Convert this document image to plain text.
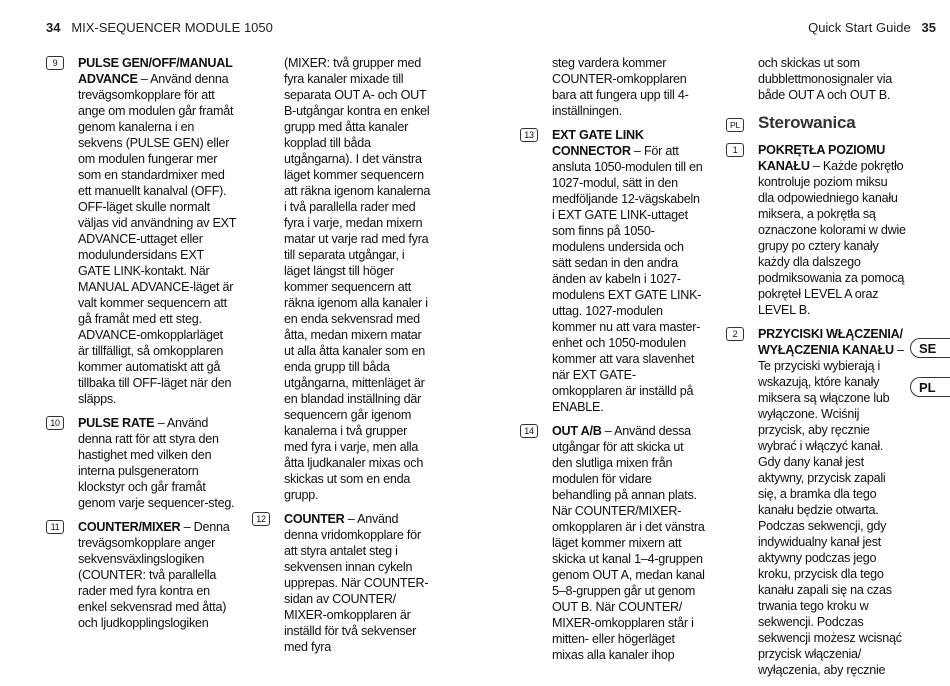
34 MIX-SEQUENCER MODULE 1050	Quick Start Guide 35
9	PULSE GEN/OFF/MANUAL ADVANCE – Använd denna trevägsomkopplare för att ange om modulen går framåt genom kanalerna i en sekvens (PULSE GEN) eller om modulen fungerar mer som en standardmixer med ett manuellt kanalval (OFF). OFF-läget skulle normalt väljas vid användning av EXT ADVANCE-uttaget eller modulundersidans EXT GATE LINK-kontakt. När MANUAL ADVANCE-läget är valt kommer sequencern att gå framåt med ett steg. ADVANCE-omkopplarläget är tillfälligt, så omkopplaren kommer automatiskt att gå tillbaka till OFF-läget när den släpps.
10	PULSE RATE – Använd denna ratt för att styra den hastighet med vilken den interna pulsgeneratorn klockstyr och går framåt genom varje sequencer-steg.
11	COUNTER/MIXER – Denna trevägsomkopplare anger sekvensväxlingslogiken (COUNTER: två parallella rader med fyra kontra en enkel sekvensrad med åtta) och ljudkopplingslogiken
(MIXER: två grupper med fyra kanaler mixade till separata OUT A- och OUT B-utgångar kontra en enkel grupp med åtta kanaler kopplad till båda utgångarna). I det vänstra läget kommer sequencern att räkna igenom kanalerna i två parallella rader med fyra i varje, medan mixern matar ut varje rad med fyra till separata utgångar, i läget längst till höger kommer sequencern att räkna igenom alla kanaler i en enda sekvensrad med åtta, medan mixern matar ut alla åtta kanaler som en enda grupp till båda utgångarna, mittenläget är en blandad inställning där sequencern går igenom kanalerna i två grupper med fyra i varje, men alla åtta ljudkanaler mixas och skickas ut som en enda grupp.
12	COUNTER – Använd denna vridomkopplare för att styra antalet steg i sekvensen innan cykeln upprepas. När COUNTER-sidan av COUNTER/ MIXER-omkopplaren är inställd för två sekvenser med fyra
steg vardera kommer COUNTER-omkopplaren bara att fungera upp till 4-inställningen.
13	EXT GATE LINK CONNECTOR – För att ansluta 1050-modulen till en 1027-modul, sätt in den medföljande 12-vägskabeln i EXT GATE LINK-uttaget som finns på 1050-modulens undersida och sätt sedan in den andra änden av kabeln i 1027-modulens EXT GATE LINK-uttag. 1027-modulen kommer nu att vara master-enhet och 1050-modulen kommer att vara slavenhet när EXT GATE-omkopplaren är inställd på ENABLE.
14	OUT A/B – Använd dessa utgångar för att skicka ut den slutliga mixen från modulen för vidare behandling på annan plats. När COUNTER/MIXER-omkopplaren är i det vänstra läget kommer mixern att skicka ut kanal 1–4-gruppen genom OUT A, medan kanal 5–8-gruppen går ut genom OUT B. När COUNTER/ MIXER-omkopplaren står i mitten- eller högerläget mixas alla kanaler ihop
och skickas ut som dubblettmonosignaler via både OUT A och OUT B.
PL Sterowanica
1	POKRĘTŁA POZIOMU KANAŁU – Każde pokrętło kontroluje poziom miksu dla odpowiedniego kanału miksera, a pokrętła są oznaczone kolorami w dwie grupy po cztery kanały każdy dla dalszego podmiksowania za pomocą pokręteł LEVEL A oraz LEVEL B.
2	PRZYCISKI WŁĄCZENIA/ WYŁĄCZENIA KANAŁU – Te przyciski wybierają i wskazują, które kanały miksera są włączone lub wyłączone. Wciśnij przycisk, aby ręcznie wybrać i włączyć kanał. Gdy dany kanał jest aktywny, przycisk zapali się, a bramka dla tego kanału będzie otwarta. Podczas sekwencji, gdy indywidualny kanał jest aktywny podczas jego kroku, przycisk dla tego kanału zapali się na czas trwania tego kroku w sekwencji. Podczas sekwencji możesz wcisnąć przycisk włączenia/ wyłączenia, aby ręcznie
SE
PL
